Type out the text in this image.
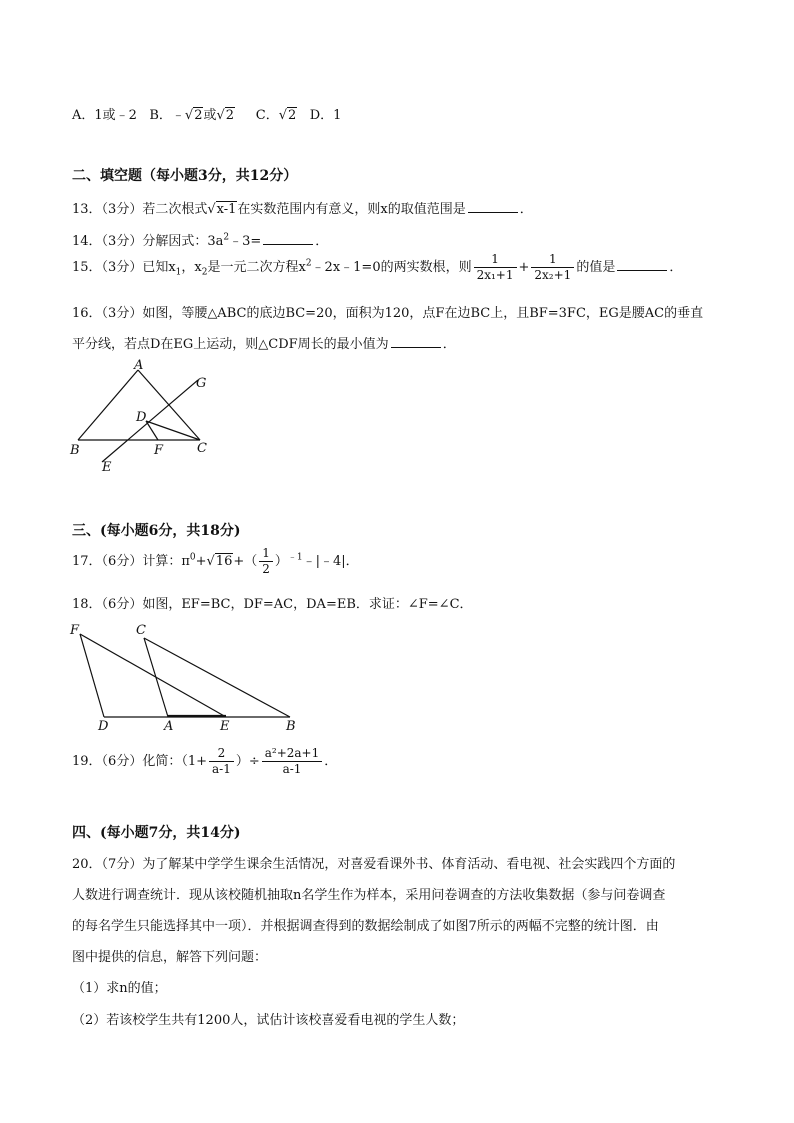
A．1或﹣2 B．﹣√2或√2 C．√2 D．1
二、填空题（每小题3分，共12分）
13．（3分）若二次根式√x-1在实数范围内有意义，则x的取值范围是	．
14．（3分）分解因式：$3a^2﹣3=$	．
15．（3分）已知$x_1$，$x_2$是一元二次方程$x^2﹣2x﹣1=0$的两实数根，则 $\frac{1}{\text{2x₁+1}} + \frac{1}{\text{2x₂+1}}$ 的值是	．
16．（3分）如图，等腰△ABC的底边BC=20，面积为120，点F在边BC上，且BF=3FC，EG是腰AC的垂直
平分线，若点D在EG上运动，则△CDF周长的最小值为	．
A
B	C
D
E
F
G
三、(每小题6分，共18分)
17．（6分）计算：$\pi^0+√16+( \frac{1}{2}$ ）$^{﹣1}﹣|﹣4|$．
18．（6分）如图，EF=BC，DF=AC，DA=EB．求证：∠F=∠C．
F	C
D	A	E	B
19．（6分）化简：（$1+ \frac{2}{a-1}$ ）÷ $\frac{\text{a²+2a+1}}{a-1}$ ．
四、(每小题7分，共14分)
20．（7分）为了解某中学学生课余生活情况，对喜爱看课外书、体育活动、看电视、社会实践四个方面的
人数进行调查统计．现从该校随机抽取n名学生作为样本，采用问卷调查的方法收集数据（参与问卷调查
的每名学生只能选择其中一项）．并根据调查得到的数据绘制成了如图7所示的两幅不完整的统计图．由
图中提供的信息，解答下列问题：
（1）求n的值；
（2）若该校学生共有1200人，试估计该校喜爱看电视的学生人数；
